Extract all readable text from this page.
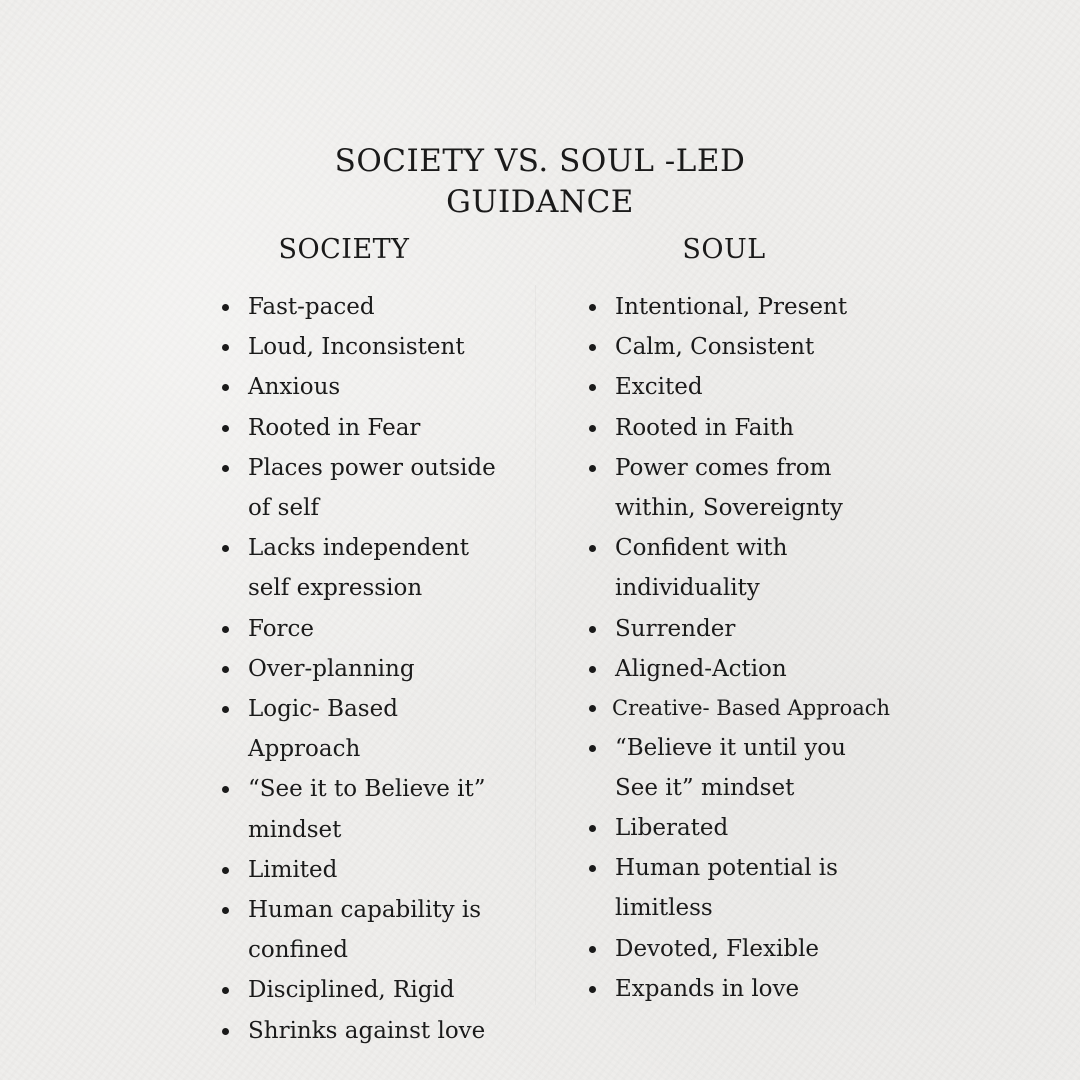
SOCIETY VS. SOUL -LED
GUIDANCE
SOCIETY	SOUL
Fast-paced
Loud, Inconsistent
Anxious
Rooted in Fear
Places power outside of self
Lacks independent self expression
Force
Over-planning
Logic- Based Approach
“See it to Believe it” mindset
Limited
Human capability is confined
Disciplined, Rigid
Shrinks against love
Intentional, Present
Calm, Consistent
Excited
Rooted in Faith
Power comes from within, Sovereignty
Confident with individuality
Surrender
Aligned-Action
Creative- Based Approach
“Believe it until you See it” mindset
Liberated
Human potential is limitless
Devoted, Flexible
Expands in love
